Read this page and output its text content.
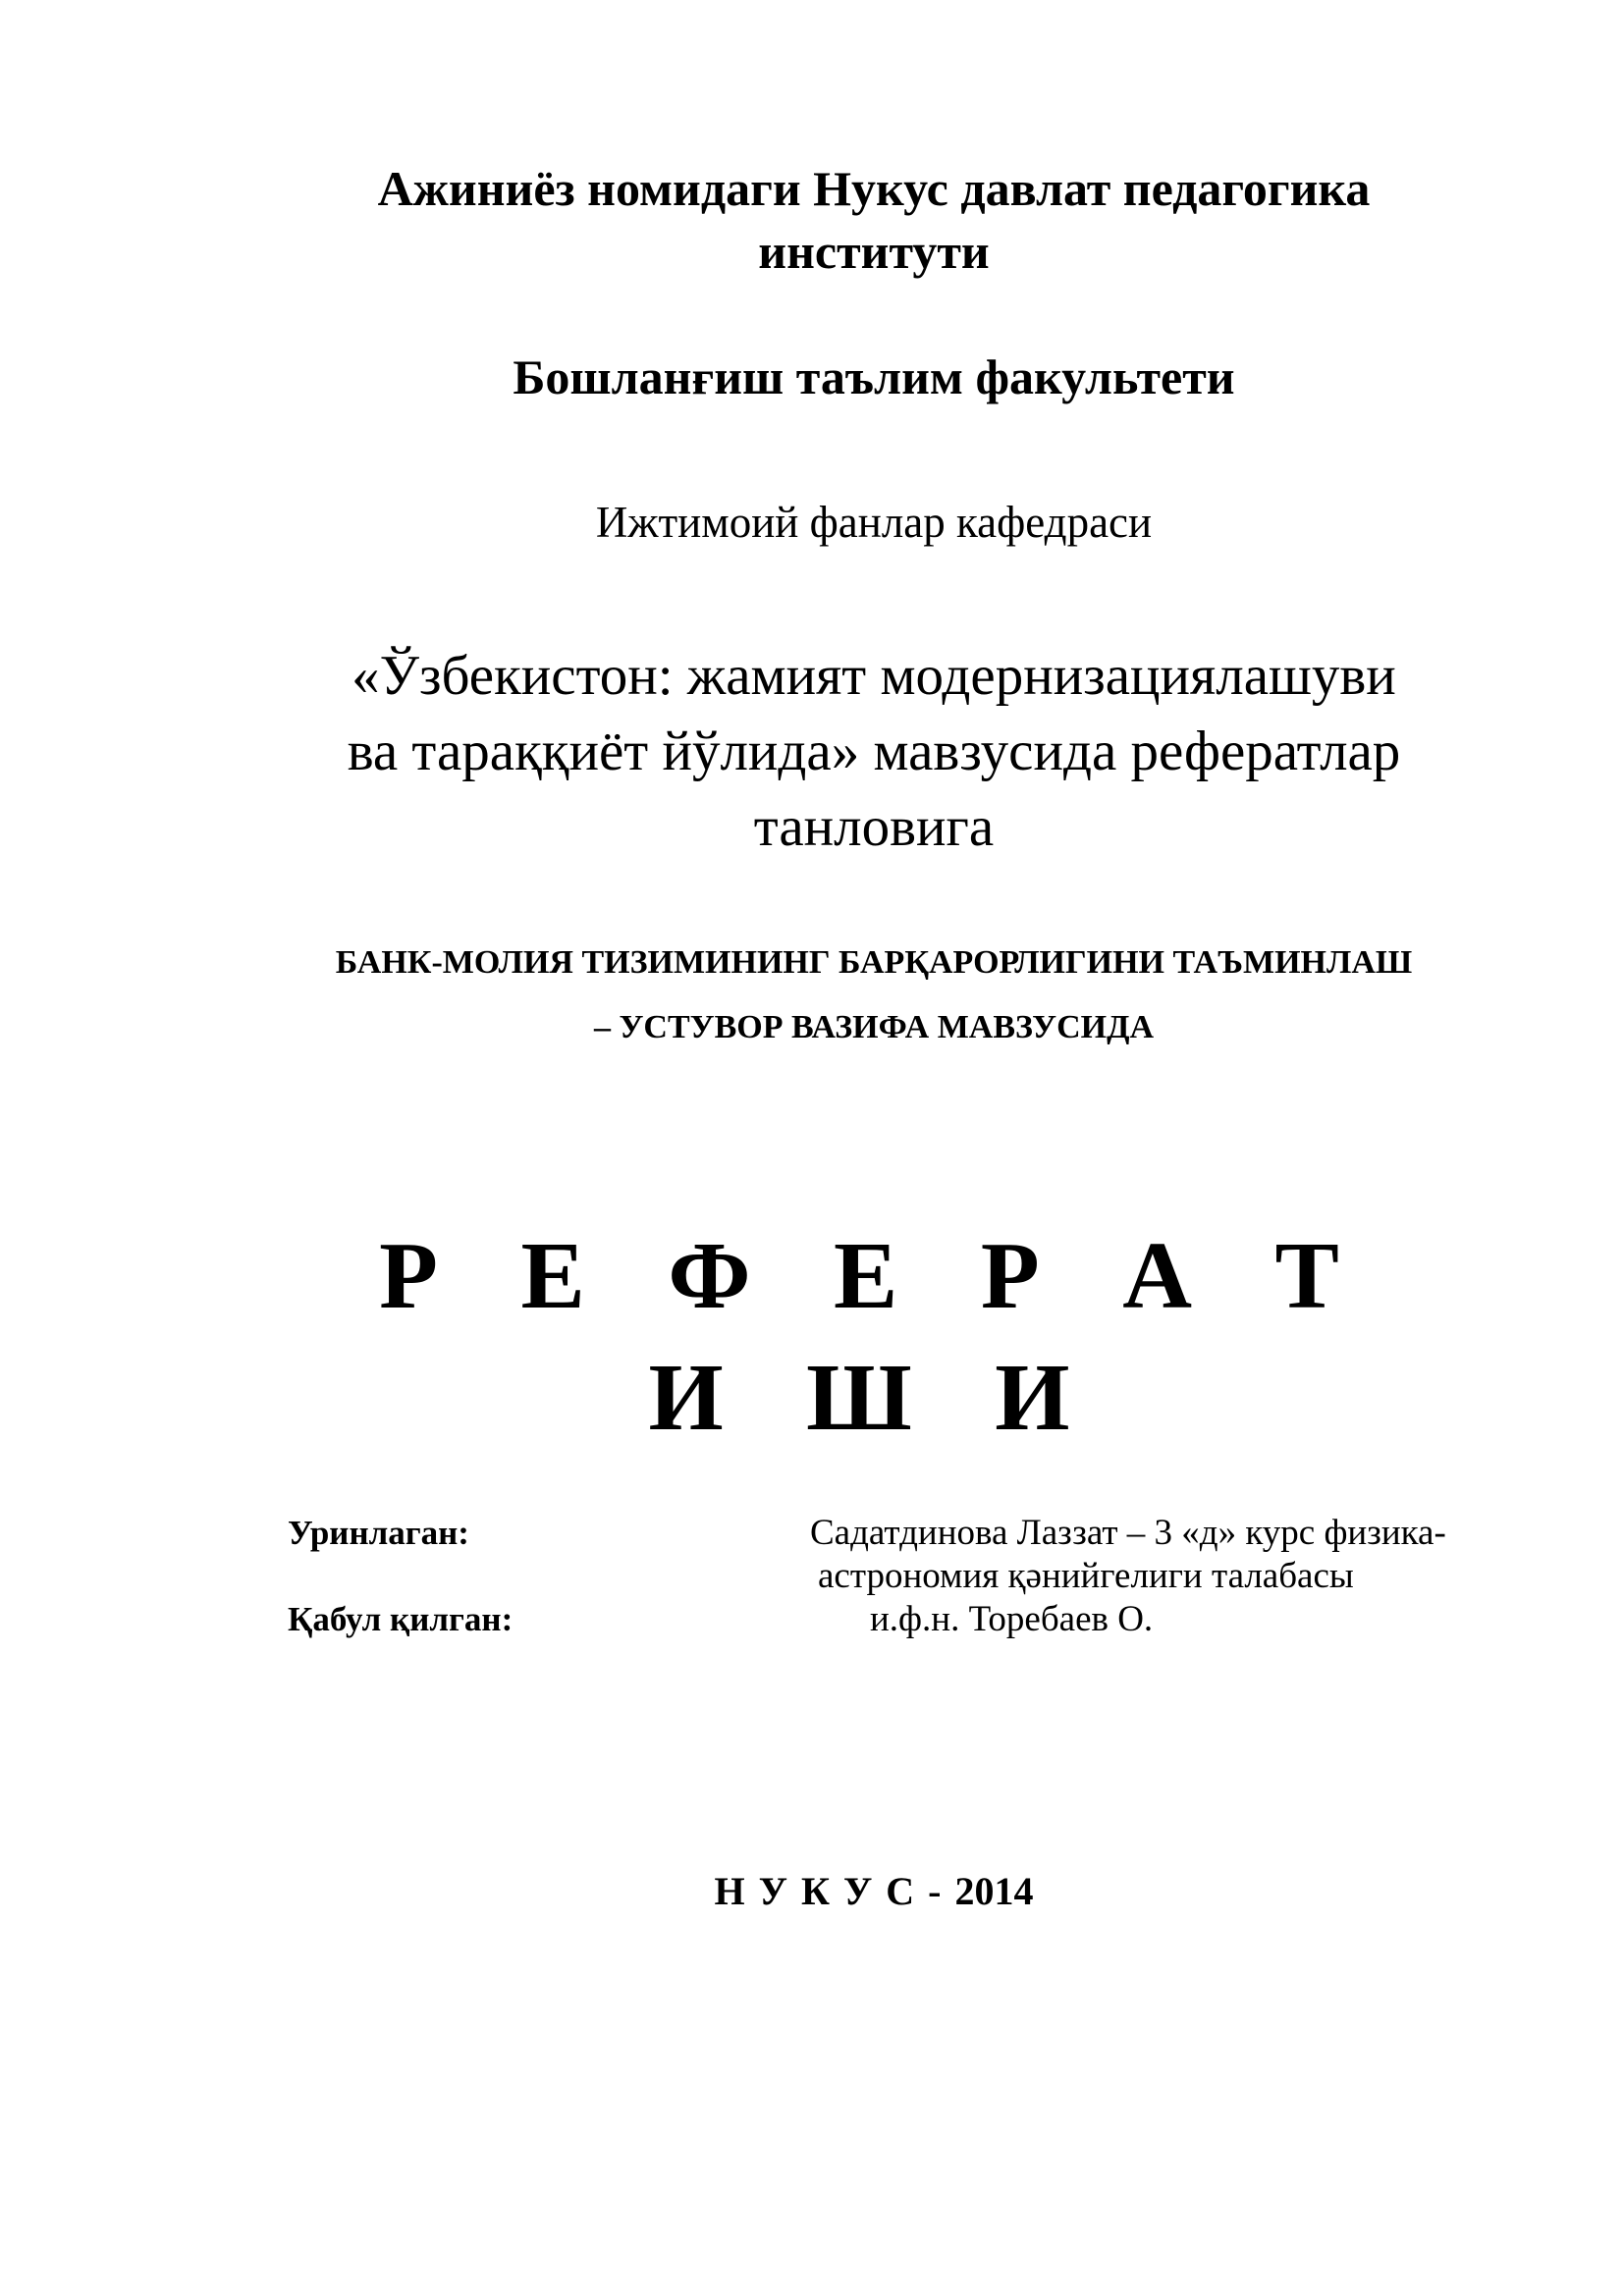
Ажиниёз номидаги Нукус давлат педагогика
институти
Бошланғиш таълим факультети
Ижтимоий фанлар кафедраси
«Ўзбекистон: жамият модернизациялашуви
ва тараққиёт йўлида» мавзусида рефератлар
танловига
БАНК-МОЛИЯ ТИЗИМИНИНГ БАРҚАРОРЛИГИНИ ТАЪМИНЛАШ
– УСТУВОР ВАЗИФА МАВЗУСИДА
Р Е Ф Е Р А Т
И Ш И
Уринлаган:	Садатдинова Лаззат – 3 «д» курс физика-
астрономия қәнийгелиги талабасы
Қабул қилган:	и.ф.н. Торебаев О.
Н У К У С - 2014
